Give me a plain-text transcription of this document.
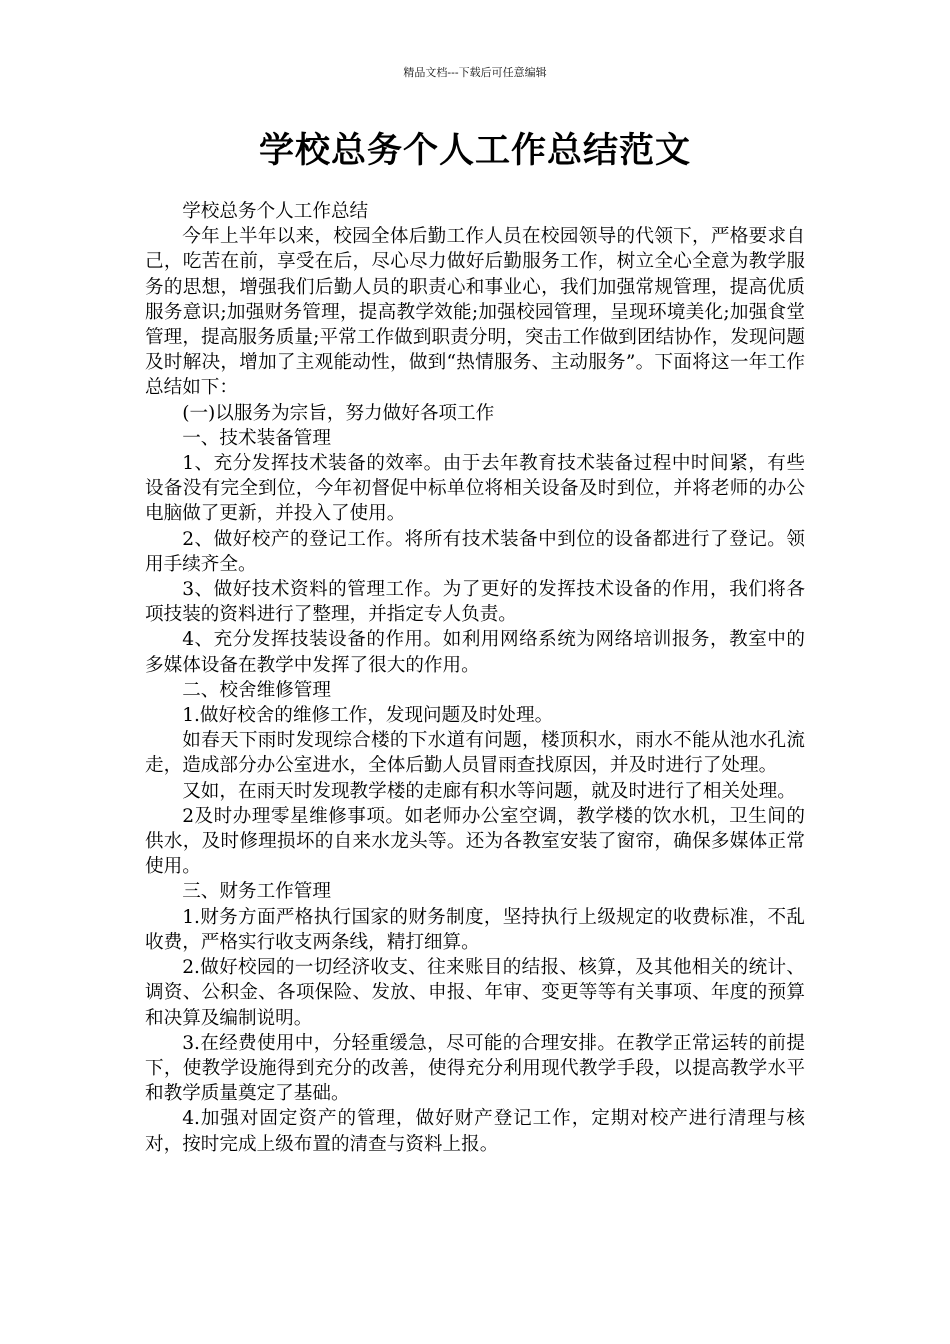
精品文档---下载后可任意编辑
学校总务个人工作总结范文

学校总务个人工作总结

今年上半年以来，校园全体后勤工作人员在校园领导的代领下，严格要求自己，吃苦在前，享受在后，尽心尽力做好后勤服务工作，树立全心全意为教学服务的思想，增强我们后勤人员的职责心和事业心，我们加强常规管理，提高优质服务意识;加强财务管理，提高教学效能;加强校园管理，呈现环境美化;加强食堂管理，提高服务质量;平常工作做到职责分明，突击工作做到团结协作，发现问题及时解决，增加了主观能动性，做到“热情服务、主动服务”。下面将这一年工作总结如下：

(一)以服务为宗旨，努力做好各项工作

一、技术装备管理

1、充分发挥技术装备的效率。由于去年教育技术装备过程中时间紧，有些设备没有完全到位，今年初督促中标单位将相关设备及时到位，并将老师的办公电脑做了更新，并投入了使用。

2、做好校产的登记工作。将所有技术装备中到位的设备都进行了登记。领用手续齐全。

3、做好技术资料的管理工作。为了更好的发挥技术设备的作用，我们将各项技装的资料进行了整理，并指定专人负责。

4、充分发挥技装设备的作用。如利用网络系统为网络培训报务，教室中的多媒体设备在教学中发挥了很大的作用。

二、校舍维修管理

1.做好校舍的维修工作，发现问题及时处理。

如春天下雨时发现综合楼的下水道有问题，楼顶积水，雨水不能从池水孔流走，造成部分办公室进水，全体后勤人员冒雨查找原因，并及时进行了处理。

又如，在雨天时发现教学楼的走廊有积水等问题，就及时进行了相关处理。

2及时办理零星维修事项。如老师办公室空调，教学楼的饮水机，卫生间的供水，及时修理损坏的自来水龙头等。还为各教室安装了窗帘，确保多媒体正常使用。

三、财务工作管理

1.财务方面严格执行国家的财务制度，坚持执行上级规定的收费标准，不乱收费，严格实行收支两条线，精打细算。

2.做好校园的一切经济收支、往来账目的结报、核算，及其他相关的统计、调资、公积金、各项保险、发放、申报、年审、变更等等有关事项、年度的预算和决算及编制说明。

3.在经费使用中，分轻重缓急，尽可能的合理安排。在教学正常运转的前提下，使教学设施得到充分的改善，使得充分利用现代教学手段，以提高教学水平和教学质量奠定了基础。

4.加强对固定资产的管理，做好财产登记工作，定期对校产进行清理与核对，按时完成上级布置的清查与资料上报。
